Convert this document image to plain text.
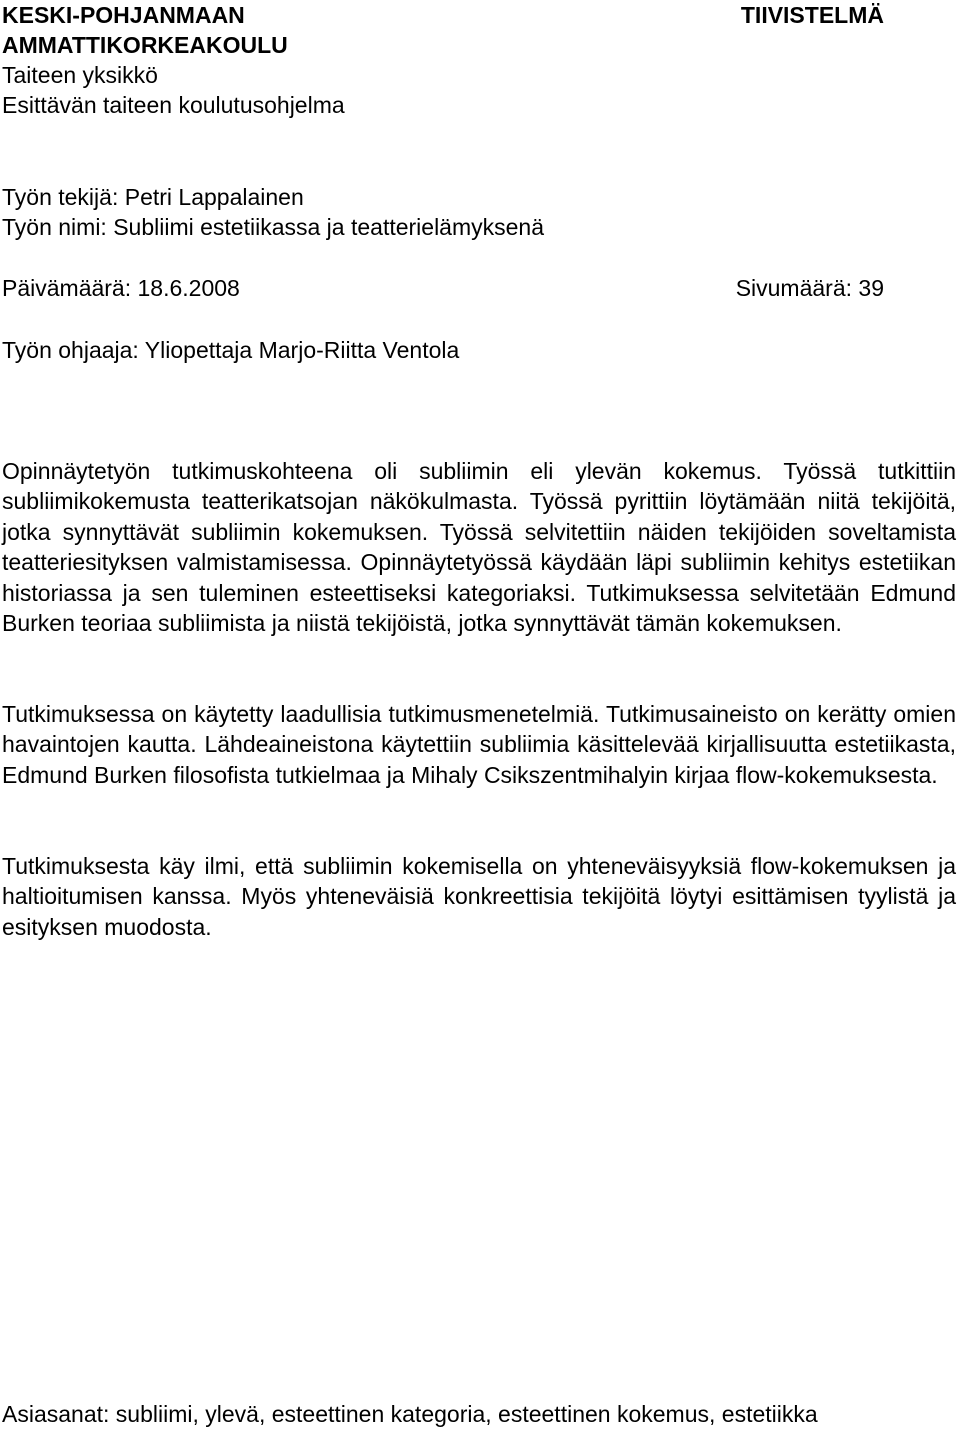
KESKI-POHJANMAAN	TIIVISTELMÄ

AMMATTIKORKEAKOULU

Taiteen yksikkö

Esittävän taiteen koulutusohjelma

Työn tekijä: Petri Lappalainen

Työn nimi: Subliimi estetiikassa ja teatterielämyksenä

Päivämäärä: 18.6.2008	Sivumäärä: 39

Työn ohjaaja: Yliopettaja Marjo-Riitta Ventola

Opinnäytetyön tutkimuskohteena oli subliimin eli ylevän kokemus. Työssä tutkittiin subliimikokemusta teatterikatsojan näkökulmasta. Työssä pyrittiin löytämään niitä tekijöitä, jotka synnyttävät subliimin kokemuksen. Työssä selvitettiin näiden tekijöiden soveltamista teatteriesityksen valmistamisessa. Opinnäytetyössä käydään läpi subliimin kehitys estetiikan historiassa ja sen tuleminen esteettiseksi kategoriaksi. Tutkimuksessa selvitetään Edmund Burken teoriaa subliimista ja niistä tekijöistä, jotka synnyttävät tämän kokemuksen.

Tutkimuksessa on käytetty laadullisia tutkimusmenetelmiä. Tutkimusaineisto on kerätty omien havaintojen kautta. Lähdeaineistona käytettiin subliimia käsittelevää kirjallisuutta estetiikasta, Edmund Burken filosofista tutkielmaa ja Mihaly Csikszentmihalyin kirjaa flow-kokemuksesta.

Tutkimuksesta käy ilmi, että subliimin kokemisella on yhteneväisyyksiä flow-kokemuksen ja haltioitumisen kanssa. Myös yhteneväisiä konkreettisia tekijöitä löytyi esittämisen tyylistä ja esityksen muodosta.

Asiasanat: subliimi, ylevä, esteettinen kategoria, esteettinen kokemus, estetiikka
